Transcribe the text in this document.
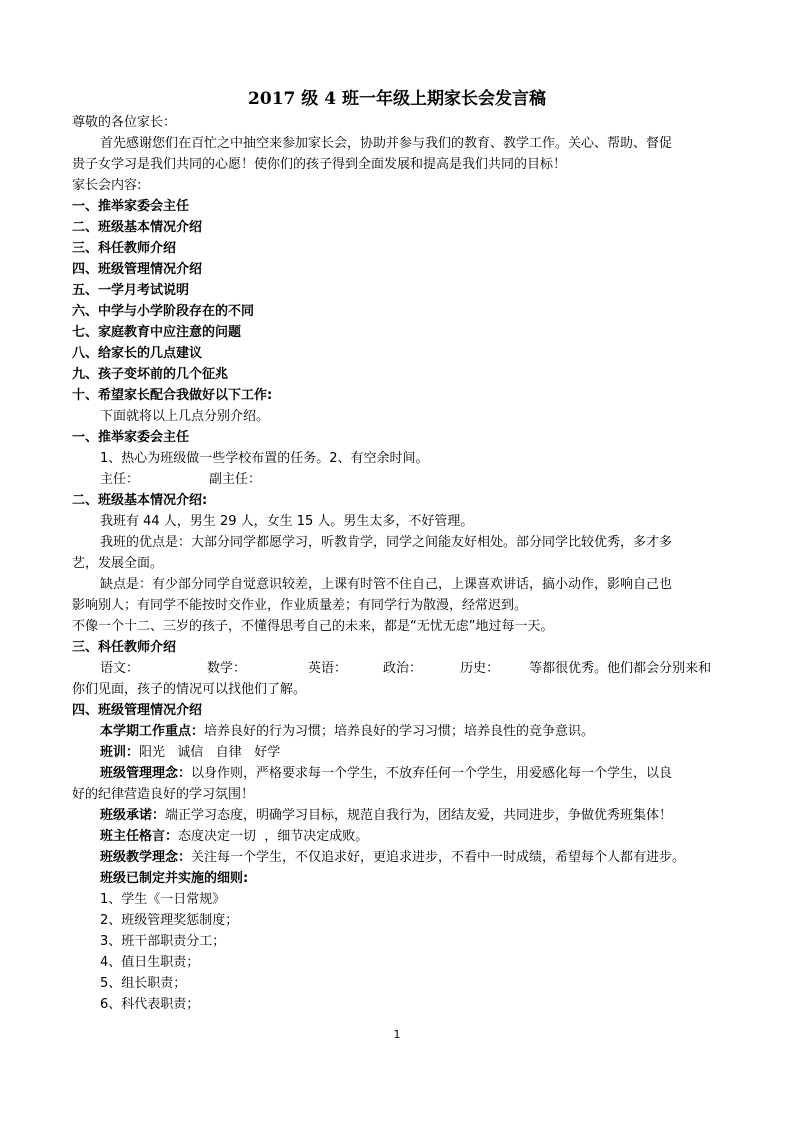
2017 级 4 班一年级上期家长会发言稿
尊敬的各位家长：
首先感谢您们在百忙之中抽空来参加家长会，协助并参与我们的教育、教学工作。关心、帮助、督促
贵子女学习是我们共同的心愿！使你们的孩子得到全面发展和提高是我们共同的目标！
家长会内容:
一、推举家委会主任
二、班级基本情况介绍
三、科任教师介绍
四、班级管理情况介绍
五、一学月考试说明
六、中学与小学阶段存在的不同
七、家庭教育中应注意的问题
八、给家长的几点建议
九、孩子变坏前的几个征兆
十、希望家长配合我做好以下工作:
下面就将以上几点分别介绍。
一、推举家委会主任
1、热心为班级做一些学校布置的任务。2、有空余时间。
主任：	副主任：
二、班级基本情况介绍:
我班有 44 人，男生 29 人，女生 15 人。男生太多，不好管理。
我班的优点是：大部分同学都愿学习，听教肯学，同学之间能友好相处。部分同学比较优秀，多才多
艺，发展全面。
缺点是：有少部分同学自觉意识较差，上课有时管不住自己，上课喜欢讲话，搞小动作，影响自己也
影响别人；有同学不能按时交作业，作业质量差；有同学行为散漫，经常迟到。
不像一个十二、三岁的孩子，不懂得思考自己的未来，都是“无忧无虑”地过每一天。
三、科任教师介绍
语文：	数学：	英语：	政治：	历史： 等都很优秀。他们都会分别来和
你们见面，孩子的情况可以找他们了解。
四、班级管理情况介绍
本学期工作重点：培养良好的行为习惯；培养良好的学习习惯；培养良性的竞争意识。
班训：阳光   诚信   自律   好学
班级管理理念：以身作则，严格要求每一个学生，不放弃任何一个学生，用爱感化每一个学生，以良
好的纪律营造良好的学习氛围！
班级承诺：端正学习态度，明确学习目标，规范自我行为，团结友爱，共同进步，争做优秀班集体！
班主任格言：态度决定一切  ，细节决定成败。
班级教学理念：关注每一个学生，不仅追求好，更追求进步，不看中一时成绩，希望每个人都有进步。
班级已制定并实施的细则:
1、学生《一日常规》
2、班级管理奖惩制度；
3、班干部职责分工；
4、值日生职责；
5、组长职责；
6、科代表职责；
1
